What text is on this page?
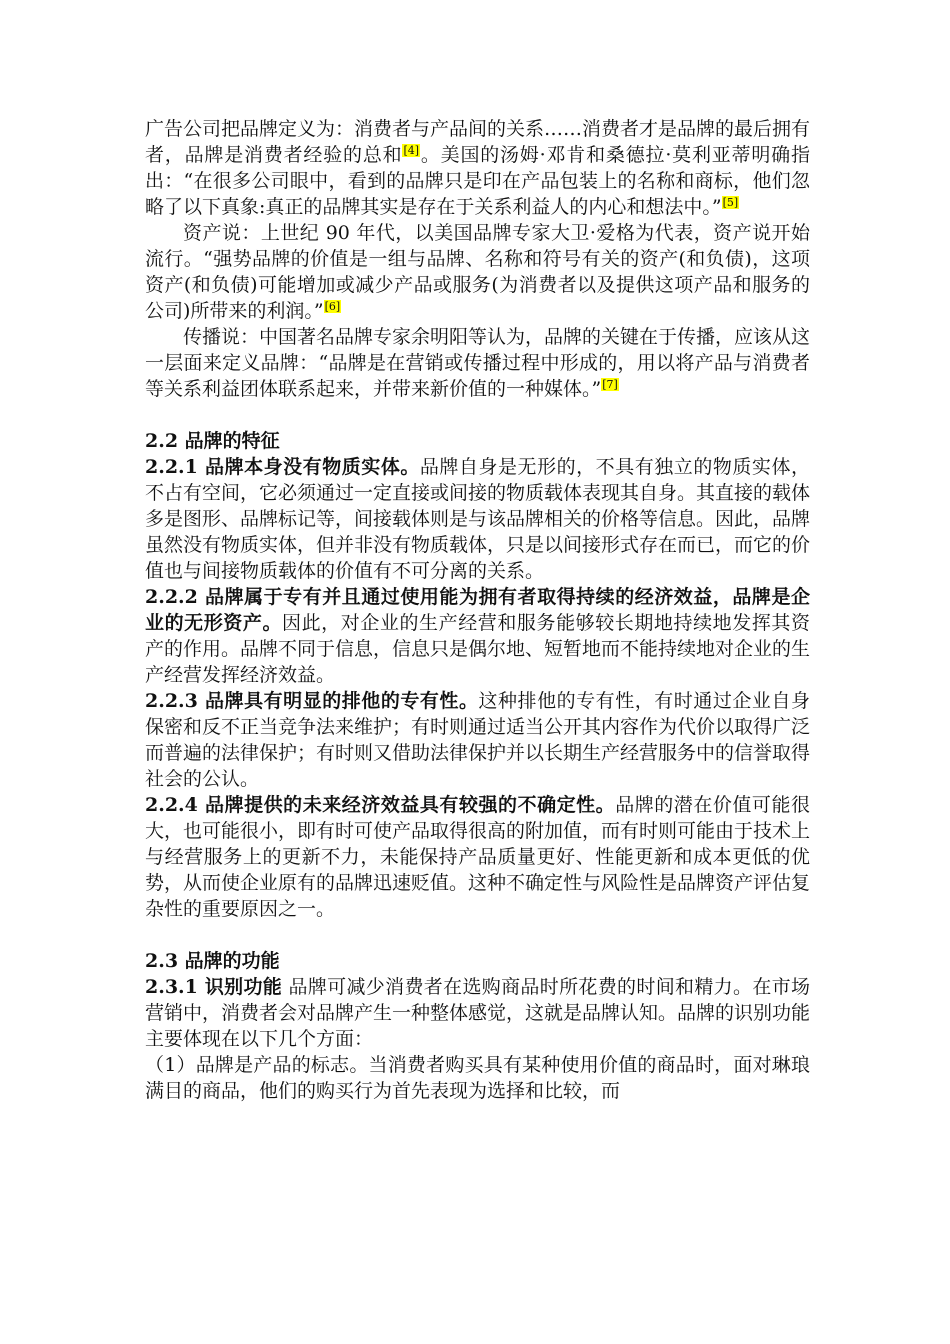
广告公司把品牌定义为：消费者与产品间的关系……消费者才是品牌的最后拥有者，品牌是消费者经验的总和[4]。美国的汤姆·邓肯和桑德拉·莫利亚蒂明确指出：“在很多公司眼中，看到的品牌只是印在产品包装上的名称和商标，他们忽略了以下真象:真正的品牌其实是存在于关系利益人的内心和想法中。”[5]

资产说：上世纪 90 年代，以美国品牌专家大卫·爱格为代表，资产说开始流行。“强势品牌的价值是一组与品牌、名称和符号有关的资产(和负债)，这项资产(和负债)可能增加或减少产品或服务(为消费者以及提供这项产品和服务的公司)所带来的利润。”[6]

传播说：中国著名品牌专家余明阳等认为，品牌的关键在于传播，应该从这一层面来定义品牌：“品牌是在营销或传播过程中形成的，用以将产品与消费者等关系利益团体联系起来，并带来新价值的一种媒体。”[7]

2.2 品牌的特征

2.2.1 品牌本身没有物质实体。品牌自身是无形的，不具有独立的物质实体，不占有空间，它必须通过一定直接或间接的物质载体表现其自身。其直接的载体多是图形、品牌标记等，间接载体则是与该品牌相关的价格等信息。因此，品牌虽然没有物质实体，但并非没有物质载体，只是以间接形式存在而已，而它的价值也与间接物质载体的价值有不可分离的关系。

2.2.2 品牌属于专有并且通过使用能为拥有者取得持续的经济效益，品牌是企业的无形资产。因此，对企业的生产经营和服务能够较长期地持续地发挥其资产的作用。品牌不同于信息，信息只是偶尔地、短暂地而不能持续地对企业的生产经营发挥经济效益。

2.2.3 品牌具有明显的排他的专有性。这种排他的专有性，有时通过企业自身保密和反不正当竞争法来维护；有时则通过适当公开其内容作为代价以取得广泛而普遍的法律保护；有时则又借助法律保护并以长期生产经营服务中的信誉取得社会的公认。

2.2.4 品牌提供的未来经济效益具有较强的不确定性。品牌的潜在价值可能很大，也可能很小，即有时可使产品取得很高的附加值，而有时则可能由于技术上与经营服务上的更新不力，未能保持产品质量更好、性能更新和成本更低的优势，从而使企业原有的品牌迅速贬值。这种不确定性与风险性是品牌资产评估复杂性的重要原因之一。

2.3 品牌的功能

2.3.1 识别功能 品牌可减少消费者在选购商品时所花费的时间和精力。在市场营销中，消费者会对品牌产生一种整体感觉，这就是品牌认知。品牌的识别功能主要体现在以下几个方面：

（1）品牌是产品的标志。当消费者购买具有某种使用价值的商品时，面对琳琅满目的商品，他们的购买行为首先表现为选择和比较，而
